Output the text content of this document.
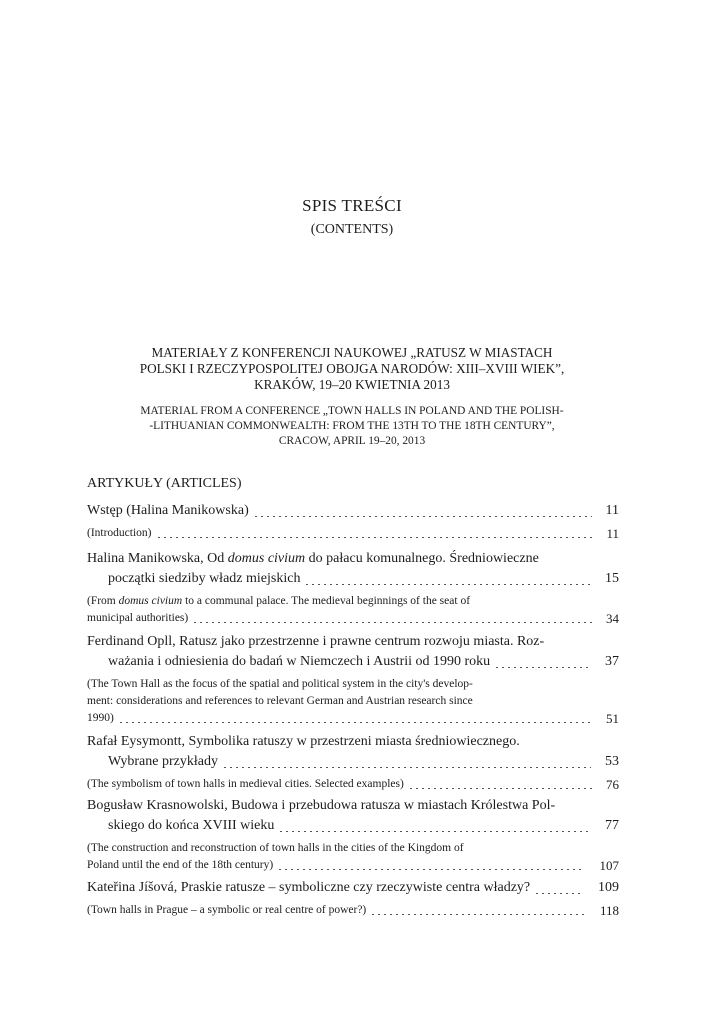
SPIS TREŚCI
(CONTENTS)
MATERIAŁY Z KONFERENCJI NAUKOWEJ „RATUSZ W MIASTACH
POLSKI I RZECZYPOSPOLITEJ OBOJGA NARODÓW: XIII–XVIII WIEK”,
KRAKÓW, 19–20 KWIETNIA 2013
MATERIAL FROM A CONFERENCE „TOWN HALLS IN POLAND AND THE POLISH-
-LITHUANIAN COMMONWEALTH: FROM THE 13TH TO THE 18TH CENTURY”,
CRACOW, APRIL 19–20, 2013
ARTYKUŁY (ARTICLES)
Wstęp (Halina Manikowska)	11
(Introduction)	11
Halina Manikowska, Od domus civium do pałacu komunalnego. Średniowieczne
początki siedziby władz miejskich	15
(From domus civium to a communal palace. The medieval beginnings of the seat of
municipal authorities)	34
Ferdinand Opll, Ratusz jako przestrzenne i prawne centrum rozwoju miasta. Roz-
ważania i odniesienia do badań w Niemczech i Austrii od 1990 roku	37
(The Town Hall as the focus of the spatial and political system in the city's develop-
ment: considerations and references to relevant German and Austrian research since
1990)	51
Rafał Eysymontt, Symbolika ratuszy w przestrzeni miasta średniowiecznego.
Wybrane przykłady	53
(The symbolism of town halls in medieval cities. Selected examples)	76
Bogusław Krasnowolski, Budowa i przebudowa ratusza w miastach Królestwa Pol-
skiego do końca XVIII wieku	77
(The construction and reconstruction of town halls in the cities of the Kingdom of
Poland until the end of the 18th century)	107
Kateřina Jíšová, Praskie ratusze – symboliczne czy rzeczywiste centra władzy?	109
(Town halls in Prague – a symbolic or real centre of power?)	118
